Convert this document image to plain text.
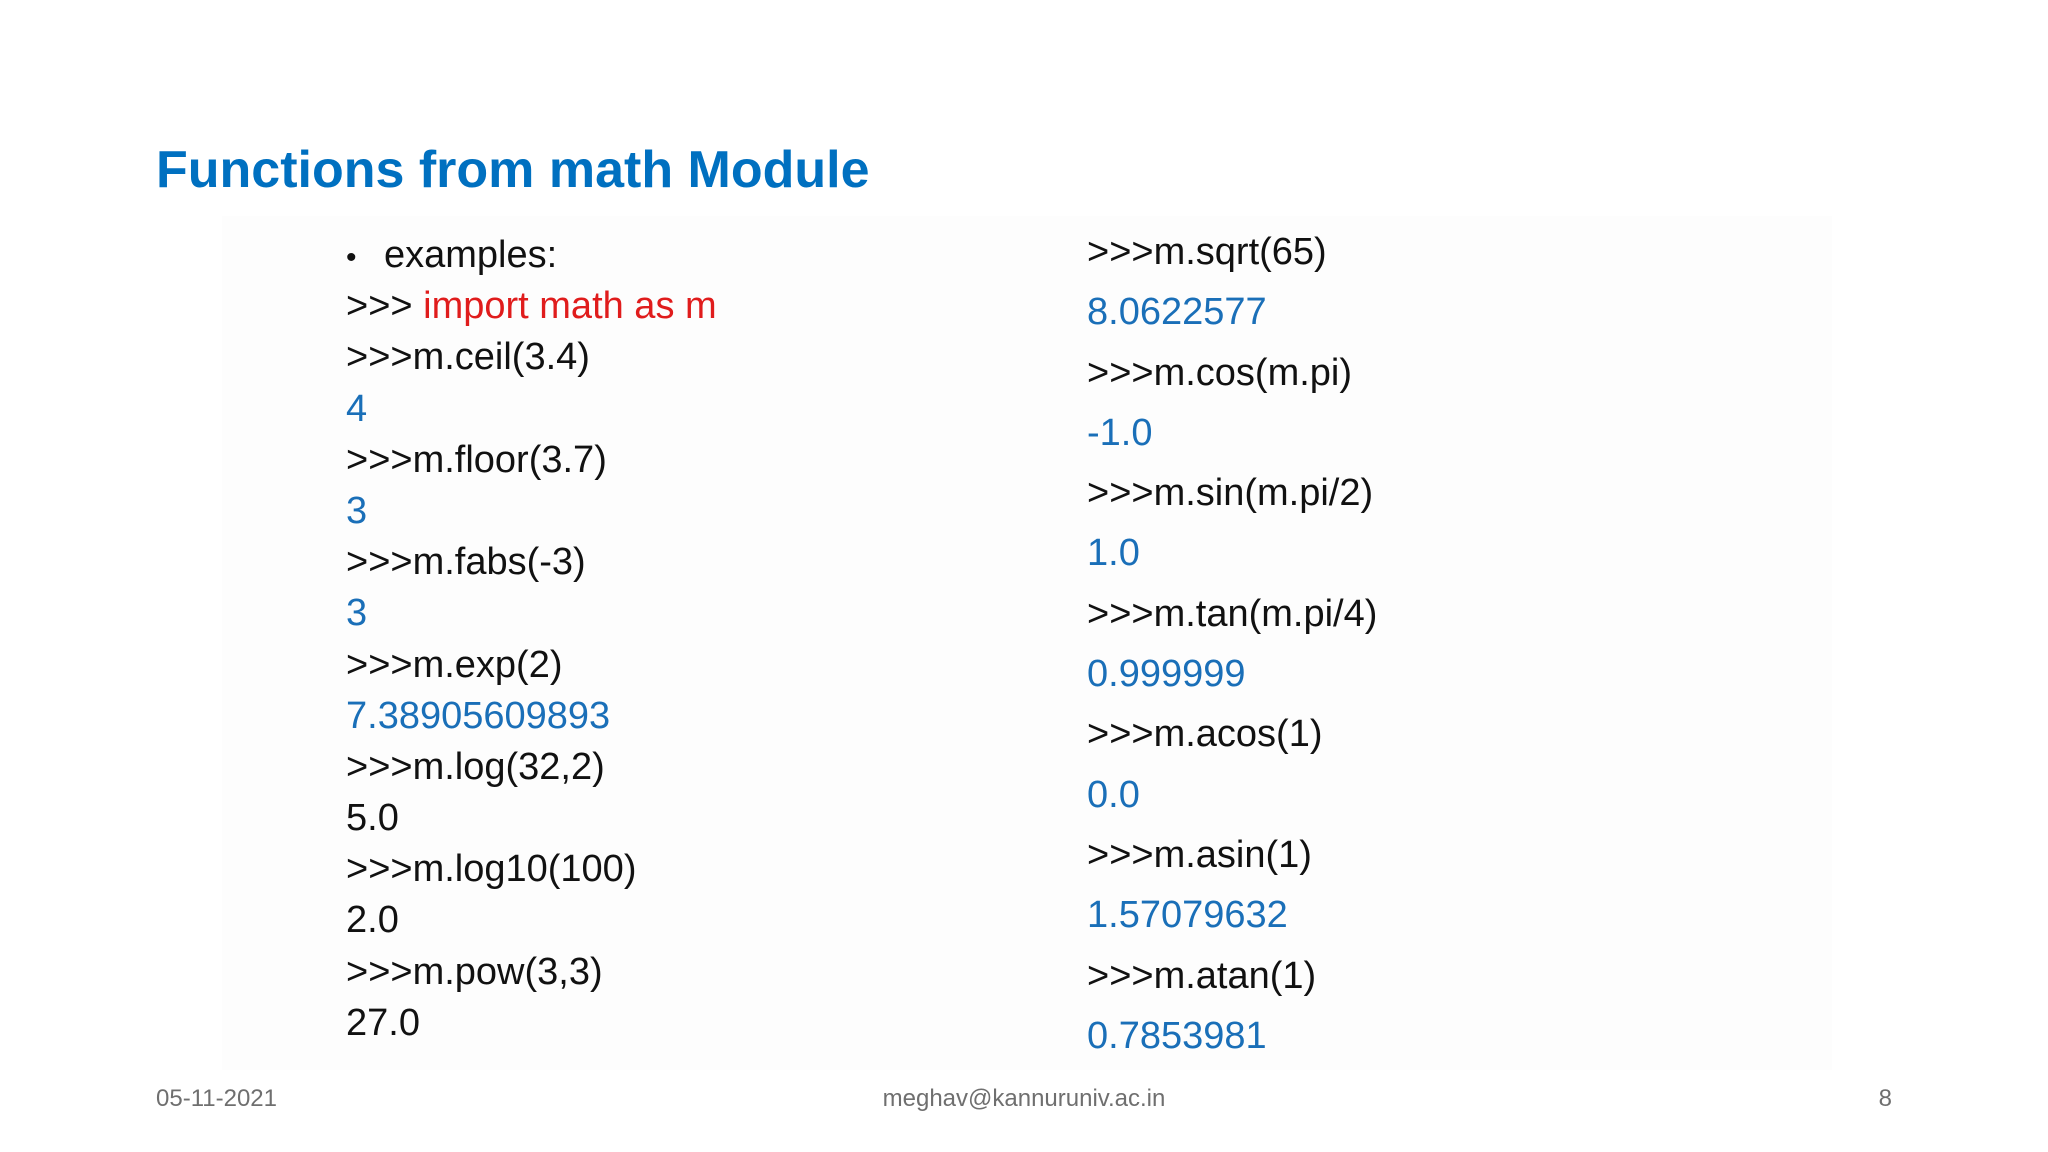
Functions from math Module
• examples:
>>> import math as m
>>>m.ceil(3.4)
4
>>>m.floor(3.7)
3
>>>m.fabs(-3)
3
>>>m.exp(2)
7.38905609893
>>>m.log(32,2)
5.0
>>>m.log10(100)
2.0
>>>m.pow(3,3)
27.0
>>>m.sqrt(65)
8.0622577
>>>m.cos(m.pi)
-1.0
>>>m.sin(m.pi/2)
1.0
>>>m.tan(m.pi/4)
0.999999
>>>m.acos(1)
0.0
>>>m.asin(1)
1.57079632
>>>m.atan(1)
0.7853981
meghav@kannuruniv.ac.in
05-11-2021	8
